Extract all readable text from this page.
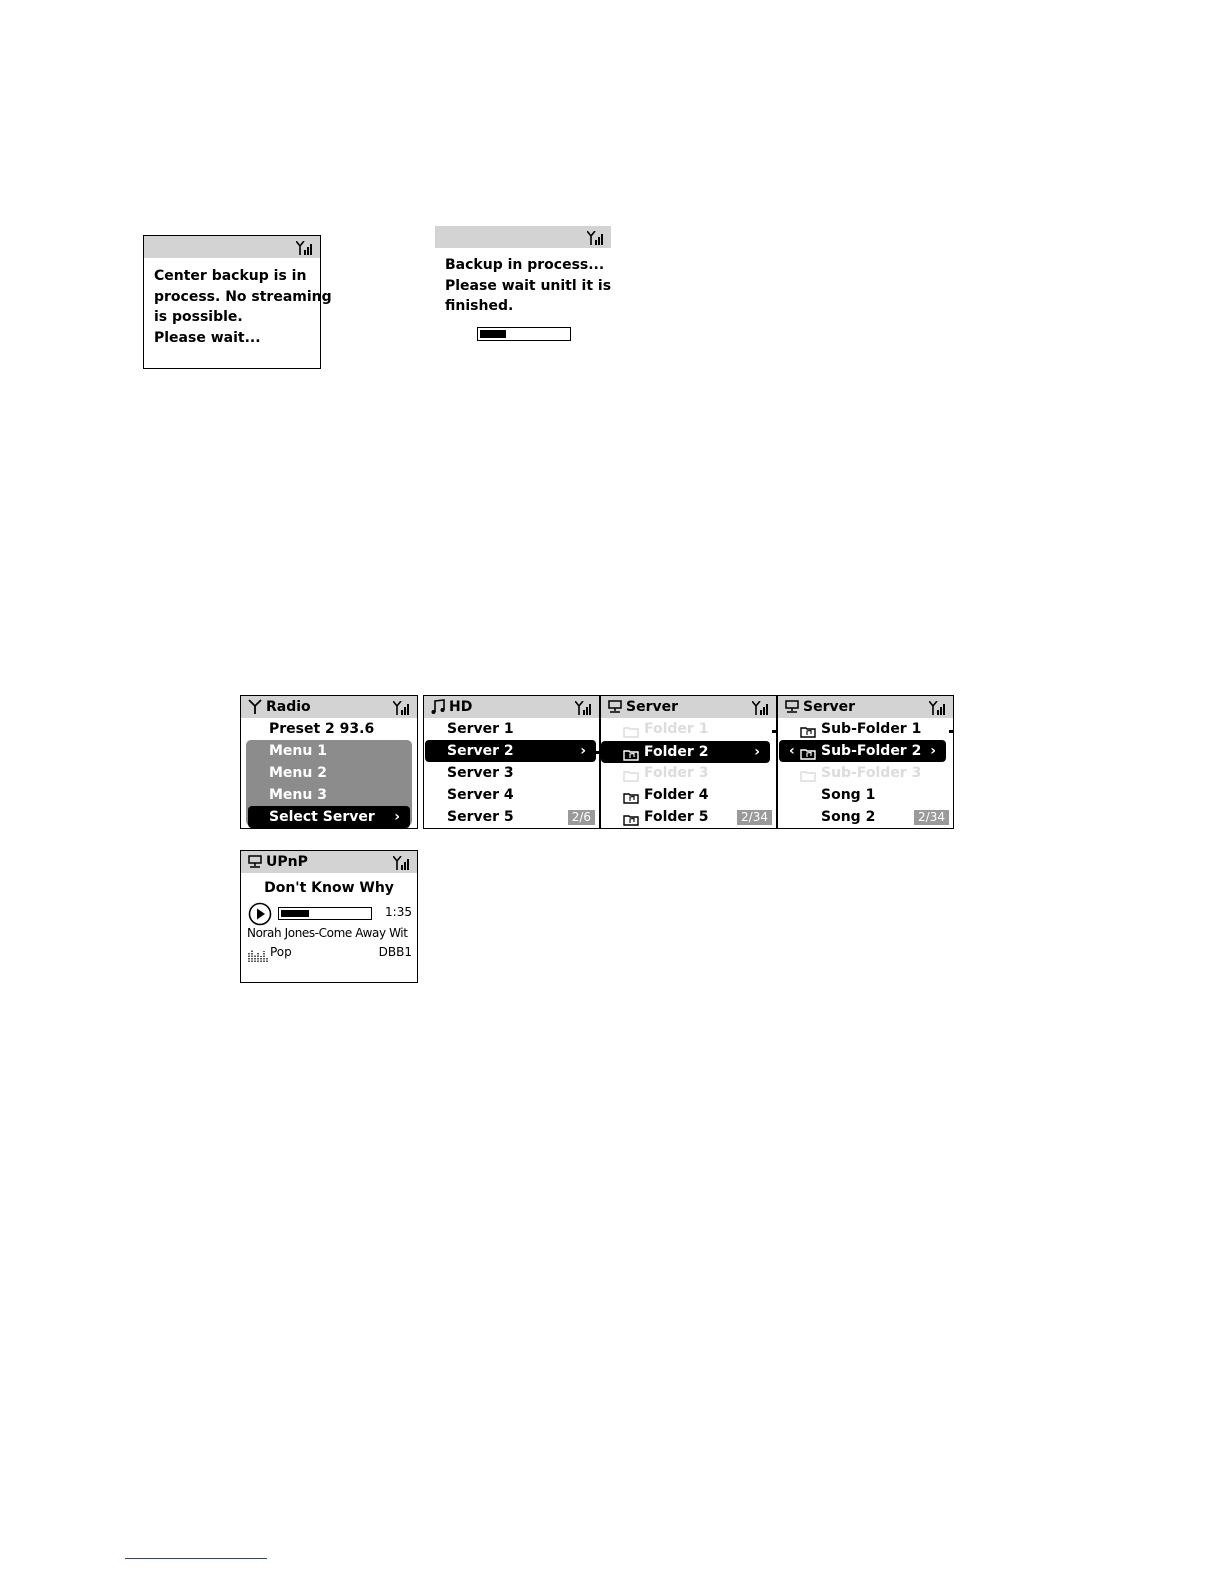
Center backup is in
process. No streaming
is possible.
Please wait...
Backup in process...
Please wait unitl it is
finished.
Radio
Preset 2 93.6
Menu 1
Menu 2
Menu 3
Select Server ›
HD
Server 1
Server 2	›
Server 3
Server 4
Server 5	2/6
Server
Folder 1
Folder 2	›
Folder 3
Folder 4
Folder 5	2/34
Server
Sub-Folder 1
‹ Sub-Folder 2 ›
Sub-Folder 3
Song 1
Song 2	2/34
UPnP
Don't Know Why
1:35
Norah Jones-Come Away Wit
Pop	DBB1
